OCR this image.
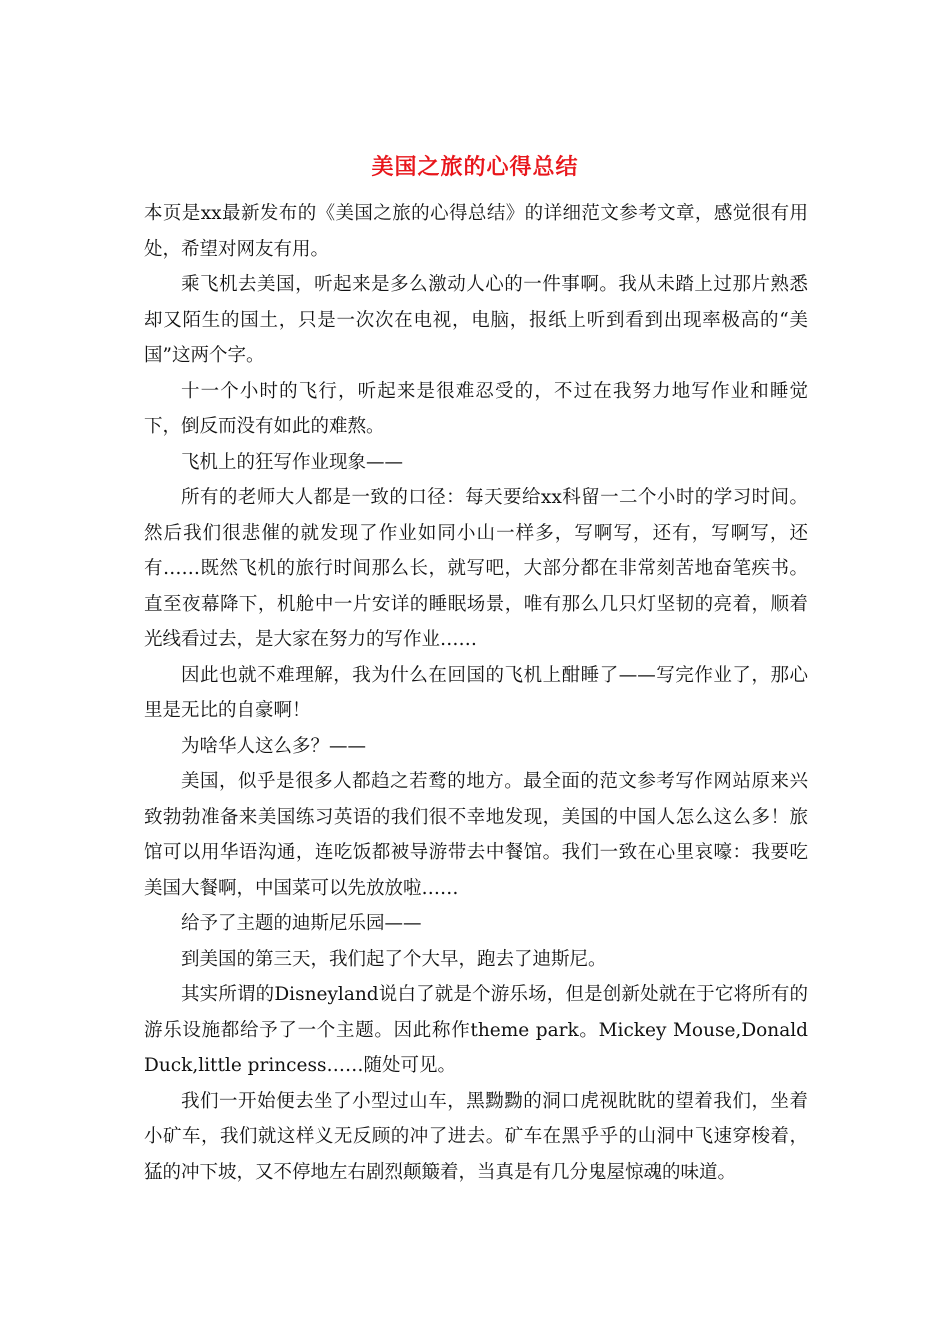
美国之旅的心得总结

本页是xx最新发布的《美国之旅的心得总结》的详细范文参考文章，感觉很有用处，希望对网友有用。

乘飞机去美国，听起来是多么激动人心的一件事啊。我从未踏上过那片熟悉却又陌生的国土，只是一次次在电视，电脑，报纸上听到看到出现率极高的“美国”这两个字。

十一个小时的飞行，听起来是很难忍受的，不过在我努力地写作业和睡觉下，倒反而没有如此的难熬。

飞机上的狂写作业现象——

所有的老师大人都是一致的口径：每天要给xx科留一二个小时的学习时间。然后我们很悲催的就发现了作业如同小山一样多，写啊写，还有，写啊写，还有……既然飞机的旅行时间那么长，就写吧，大部分都在非常刻苦地奋笔疾书。直至夜幕降下，机舱中一片安详的睡眠场景，唯有那么几只灯坚韧的亮着，顺着光线看过去，是大家在努力的写作业……

因此也就不难理解，我为什么在回国的飞机上酣睡了——写完作业了，那心里是无比的自豪啊！

为啥华人这么多？——

美国，似乎是很多人都趋之若鹜的地方。最全面的范文参考写作网站原来兴致勃勃准备来美国练习英语的我们很不幸地发现，美国的中国人怎么这么多！旅馆可以用华语沟通，连吃饭都被导游带去中餐馆。我们一致在心里哀嚎：我要吃美国大餐啊，中国菜可以先放放啦……

给予了主题的迪斯尼乐园——

到美国的第三天，我们起了个大早，跑去了迪斯尼。

其实所谓的Disneyland说白了就是个游乐场，但是创新处就在于它将所有的游乐设施都给予了一个主题。因此称作theme park。Mickey Mouse,Donald Duck,little princess……随处可见。

我们一开始便去坐了小型过山车，黑黝黝的洞口虎视眈眈的望着我们，坐着小矿车，我们就这样义无反顾的冲了进去。矿车在黑乎乎的山洞中飞速穿梭着，猛的冲下坡，又不停地左右剧烈颠簸着，当真是有几分鬼屋惊魂的味道。
